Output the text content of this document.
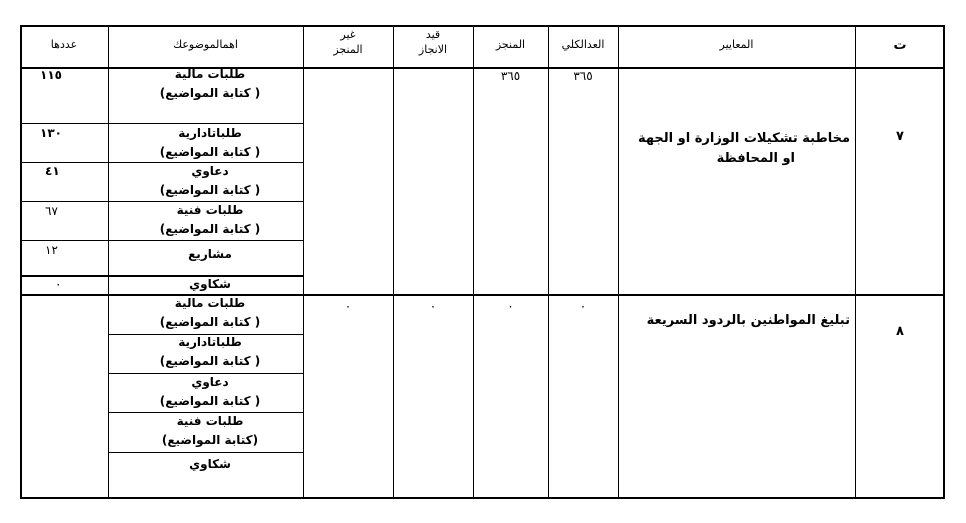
ت
المعايير
العدالكلي
المنجز
قيد
الانجاز
غير
المنجز
اهمالموضوعك
عددها
٧
مخاطبة تشكيلات الوزارة او الجهة
او المحافظة
٣٦٥
٣٦٥
طلبات مالية
(كتابة المواضيع )
١١٥
طلباتادارية
(كتابة المواضيع )
١٣٠
دعاوي
(كتابة المواضيع )
٤١
طلبات فنية
(كتابة المواضيع )
٦٧
مشاريع
١٢
شكاوي
٠
٨
تبليغ المواطنين بالردود السريعة
٠
٠
٠
٠
طلبات مالية
(كتابة المواضيع )
طلباتادارية
(كتابة المواضيع )
دعاوي
(كتابة المواضيع )
طلبات فنية
(كتابة المواضيع)
شكاوي
